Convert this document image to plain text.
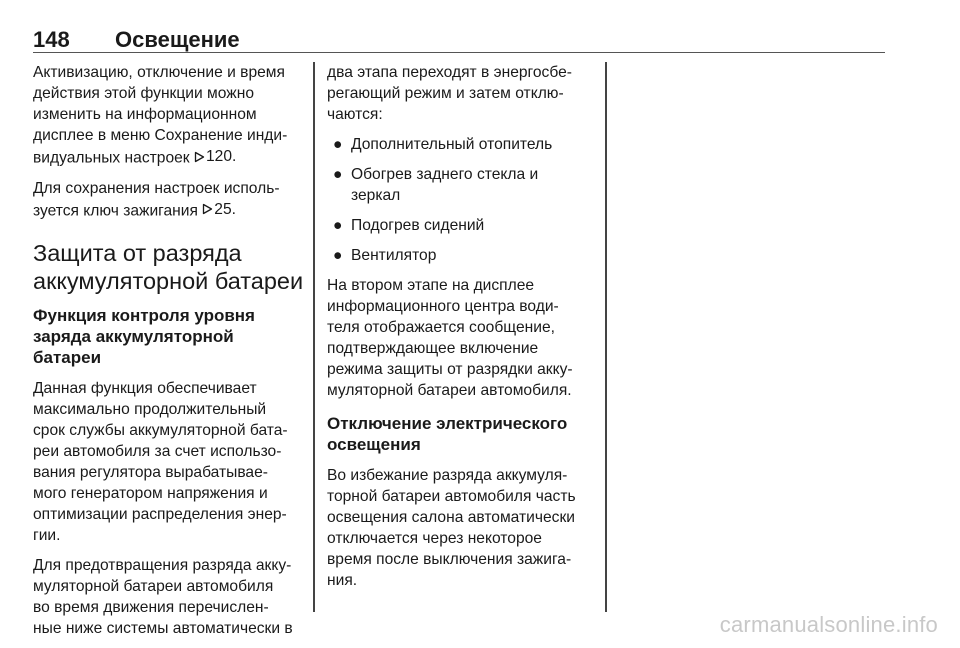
148 Освещение

Активизацию, отключение и время
действия этой функции можно
изменить на информационном
дисплее в меню Сохранение инди-
видуальных настроек 120.

Для сохранения настроек исполь-
зуется ключ зажигания 25.

Защита от разряда
аккумуляторной батареи
Функция контроля уровня
заряда аккумуляторной
батареи

Данная функция обеспечивает
максимально продолжительный
срок службы аккумуляторной бата-
реи автомобиля за счет использо-
вания регулятора вырабатывае-
мого генератором напряжения и
оптимизации распределения энер-
гии.

Для предотвращения разряда акку-
муляторной батареи автомобиля
во время движения перечислен-
ные ниже системы автоматически в

два этапа переходят в энергосбе-
регающий режим и затем отклю-
чаются:

● Дополнительный отопитель
● Обогрев заднего стекла и
зеркал
● Подогрев сидений
● Вентилятор

На втором этапе на дисплее
информационного центра води-
теля отображается сообщение,
подтверждающее включение
режима защиты от разрядки акку-
муляторной батареи автомобиля.

Отключение электрического
освещения

Во избежание разряда аккумуля-
торной батареи автомобиля часть
освещения салона автоматически
отключается через некоторое
время после выключения зажига-
ния.

carmanualsonline.info
